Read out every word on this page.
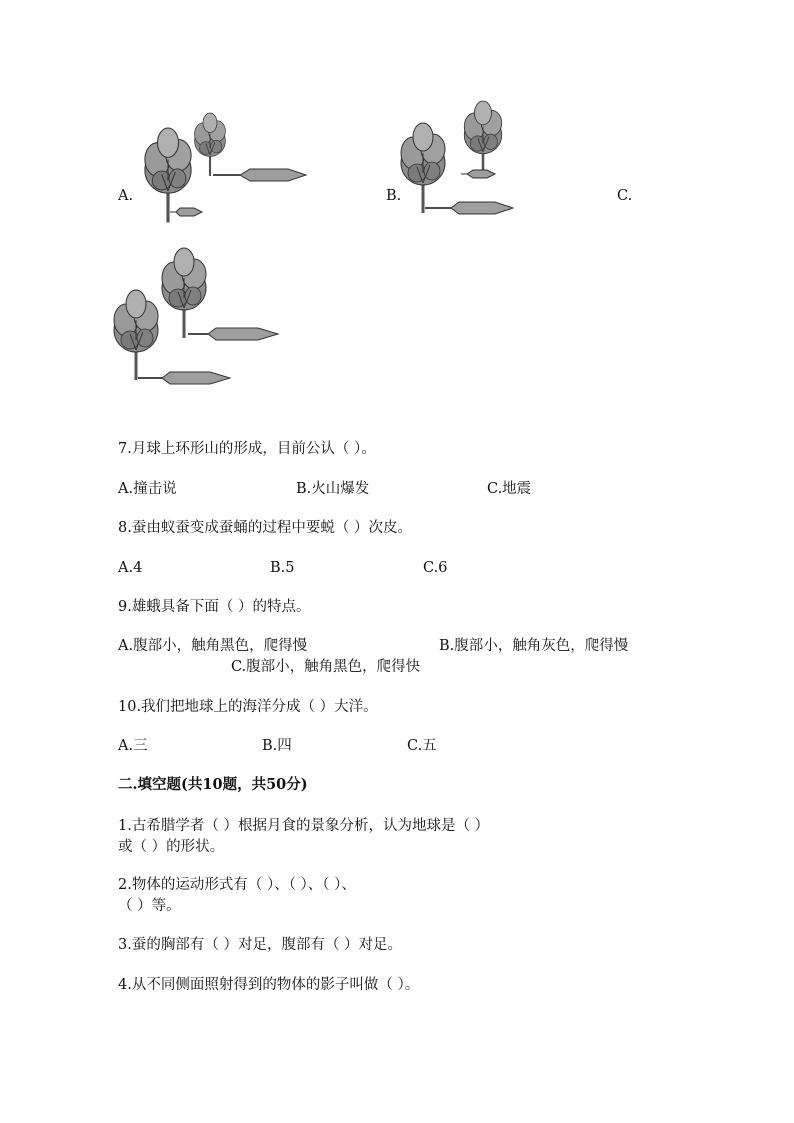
A.	B.	C.
7.月球上环形山的形成，目前公认（ ）。
A.撞击说	B.火山爆发	C.地震
8.蚕由蚁蚕变成蚕蛹的过程中要蜕（ ）次皮。
A.4	B.5	C.6
9.雄蛾具备下面（ ）的特点。
A.腹部小，触角黑色，爬得慢	B.腹部小，触角灰色，爬得慢
C.腹部小，触角黑色，爬得快
10.我们把地球上的海洋分成（ ）大洋。
A.三	B.四	C.五
二.填空题(共10题，共50分)
1.古希腊学者（ ）根据月食的景象分析，认为地球是（ ）
或（ ）的形状。
2.物体的运动形式有（ ）、（ ）、（ ）、
（ ）等。
3.蚕的胸部有（ ）对足，腹部有（ ）对足。
4.从不同侧面照射得到的物体的影子叫做（ ）。
